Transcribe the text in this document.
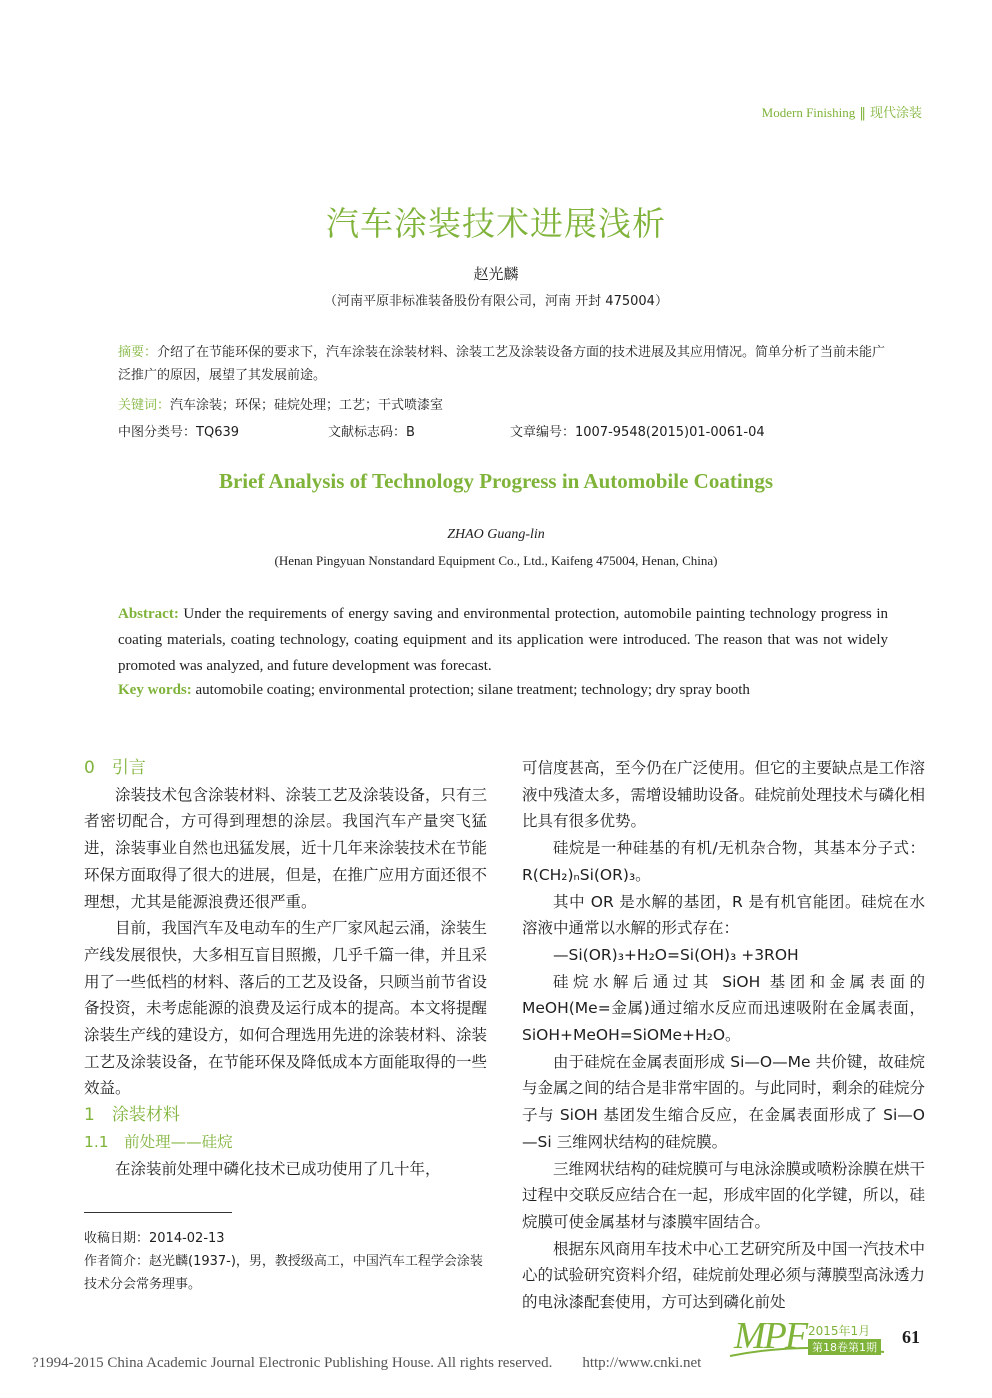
Modern Finishing ‖ 现代涂装
汽车涂装技术进展浅析
赵光麟
（河南平原非标准装备股份有限公司，河南 开封 475004）
摘要：介绍了在节能环保的要求下，汽车涂装在涂装材料、涂装工艺及涂装设备方面的技术进展及其应用情况。简单分析了当前未能广泛推广的原因，展望了其发展前途。
关键词：汽车涂装；环保；硅烷处理；工艺；干式喷漆室
中图分类号：TQ639	文献标志码：B	文章编号：1007-9548(2015)01-0061-04
Brief Analysis of Technology Progress in Automobile Coatings
ZHAO Guang-lin
(Henan Pingyuan Nonstandard Equipment Co., Ltd., Kaifeng 475004, Henan, China)
Abstract: Under the requirements of energy saving and environmental protection, automobile painting technology progress in coating materials, coating technology, coating equipment and its application were introduced. The reason that was not widely promoted was analyzed, and future development was forecast.
Key words: automobile coating; environmental protection; silane treatment; technology; dry spray booth

0　引言

涂装技术包含涂装材料、涂装工艺及涂装设备，只有三者密切配合，方可得到理想的涂层。我国汽车产量突飞猛进，涂装事业自然也迅猛发展，近十几年来涂装技术在节能环保方面取得了很大的进展，但是，在推广应用方面还很不理想，尤其是能源浪费还很严重。

目前，我国汽车及电动车的生产厂家风起云涌，涂装生产线发展很快，大多相互盲目照搬，几乎千篇一律，并且采用了一些低档的材料、落后的工艺及设备，只顾当前节省设备投资，未考虑能源的浪费及运行成本的提高。本文将提醒涂装生产线的建设方，如何合理选用先进的涂装材料、涂装工艺及涂装设备，在节能环保及降低成本方面能取得的一些效益。

1　涂装材料

1.1　前处理——硅烷

在涂装前处理中磷化技术已成功使用了几十年，

可信度甚高，至今仍在广泛使用。但它的主要缺点是工作溶液中残渣太多，需增设辅助设备。硅烷前处理技术与磷化相比具有很多优势。

硅烷是一种硅基的有机/无机杂合物，其基本分子式：R(CH₂)ₙSi(OR)₃。

其中 OR 是水解的基团，R 是有机官能团。硅烷在水溶液中通常以水解的形式存在：

—Si(OR)₃+H₂O=Si(OH)₃ +3ROH

硅烷水解后通过其 SiOH 基团和金属表面的 MeOH(Me=金属)通过缩水反应而迅速吸附在金属表面，SiOH+MeOH=SiOMe+H₂O。

由于硅烷在金属表面形成 Si—O—Me 共价键，故硅烷与金属之间的结合是非常牢固的。与此同时，剩余的硅烷分子与 SiOH 基团发生缩合反应，在金属表面形成了 Si—O—Si 三维网状结构的硅烷膜。

三维网状结构的硅烷膜可与电泳涂膜或喷粉涂膜在烘干过程中交联反应结合在一起，形成牢固的化学键，所以，硅烷膜可使金属基材与漆膜牢固结合。

根据东风商用车技术中心工艺研究所及中国一汽技术中心的试验研究资料介绍，硅烷前处理必须与薄膜型高泳透力的电泳漆配套使用，方可达到磷化前处

收稿日期：2014-02-13
作者简介：赵光麟(1937-)，男，教授级高工，中国汽车工程学会涂装技术分会常务理事。
MPF 2015年1月
第18卷第1期
61
?1994-2015 China Academic Journal Electronic Publishing House. All rights reserved.　　http://www.cnki.net
